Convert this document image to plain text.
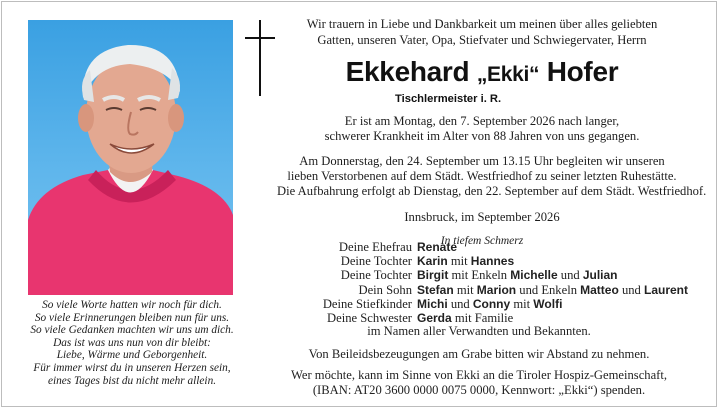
So viele Worte hatten wir noch für dich.
So viele Erinnerungen bleiben nun für uns.
So viele Gedanken machten wir uns um dich.
Das ist was uns nun von dir bleibt:
Liebe, Wärme und Geborgenheit.
Für immer wirst du in unseren Herzen sein,
eines Tages bist du nicht mehr allein.
Wir trauern in Liebe und Dankbarkeit um meinen über alles geliebten
Gatten, unseren Vater, Opa, Stiefvater und Schwiegervater, Herrn
Ekkehard „Ekki“ Hofer
Tischlermeister i. R.
Er ist am Montag, den 7. September 2026 nach langer,
schwerer Krankheit im Alter von 88 Jahren von uns gegangen.
Am Donnerstag, den 24. September um 13.15 Uhr begleiten wir unseren
lieben Verstorbenen auf dem Städt. Westfriedhof zu seiner letzten Ruhestätte.
Die Aufbahrung erfolgt ab Dienstag, den 22. September auf dem Städt. Westfriedhof.
Innsbruck, im September 2026
In tiefem Schmerz
Deine Ehefrau Renate
Deine Tochter Karin mit Hannes
Deine Tochter Birgit mit Enkeln Michelle und Julian
Dein Sohn Stefan mit Marion und Enkeln Matteo und Laurent
Deine Stiefkinder Michi und Conny mit Wolfi
Deine Schwester Gerda mit Familie
im Namen aller Verwandten und Bekannten.
Von Beileidsbezeugungen am Grabe bitten wir Abstand zu nehmen.
Wer möchte, kann im Sinne von Ekki an die Tiroler Hospiz-Gemeinschaft,
(IBAN: AT20 3600 0000 0075 0000, Kennwort: „Ekki“) spenden.
